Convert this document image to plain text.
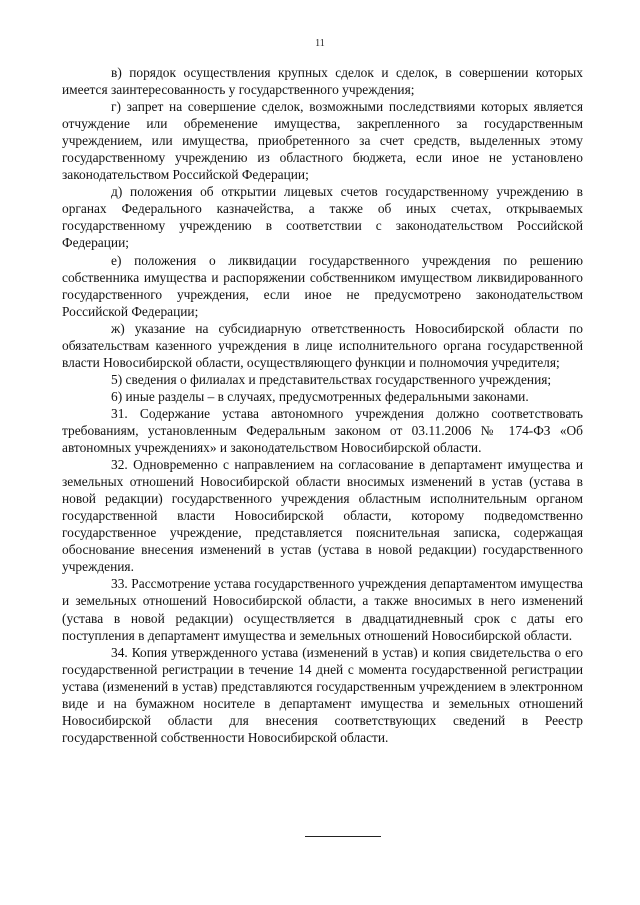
11

в) порядок осуществления крупных сделок и сделок, в совершении которых имеется заинтересованность у государственного учреждения;

г) запрет на совершение сделок, возможными последствиями которых является отчуждение или обременение имущества, закрепленного за государственным учреждением, или имущества, приобретенного за счет средств, выделенных этому государственному учреждению из областного бюджета, если иное не установлено законодательством Российской Федерации;

д) положения об открытии лицевых счетов государственному учреждению в органах Федерального казначейства, а также об иных счетах, открываемых государственному учреждению в соответствии с законодательством Российской Федерации;

е) положения о ликвидации государственного учреждения по решению собственника имущества и распоряжении собственником имуществом ликвидированного государственного учреждения, если иное не предусмотрено законодательством Российской Федерации;

ж) указание на субсидиарную ответственность Новосибирской области по обязательствам казенного учреждения в лице исполнительного органа государственной власти Новосибирской области, осуществляющего функции и полномочия учредителя;

5) сведения о филиалах и представительствах государственного учреждения;

6) иные разделы – в случаях, предусмотренных федеральными законами.

31. Содержание устава автономного учреждения должно соответствовать требованиям, установленным Федеральным законом от 03.11.2006 № 174-ФЗ «Об автономных учреждениях» и законодательством Новосибирской области.

32. Одновременно с направлением на согласование в департамент имущества и земельных отношений Новосибирской области вносимых изменений в устав (устава в новой редакции) государственного учреждения областным исполнительным органом государственной власти Новосибирской области, которому подведомственно государственное учреждение, представляется пояснительная записка, содержащая обоснование внесения изменений в устав (устава в новой редакции) государственного учреждения.

33. Рассмотрение устава государственного учреждения департаментом имущества и земельных отношений Новосибирской области, а также вносимых в него изменений (устава в новой редакции) осуществляется в двадцатидневный срок с даты его поступления в департамент имущества и земельных отношений Новосибирской области.

34. Копия утвержденного устава (изменений в устав) и копия свидетельства о его государственной регистрации в течение 14 дней с момента государственной регистрации устава (изменений в устав) представляются государственным учреждением в электронном виде и на бумажном носителе в департамент имущества и земельных отношений Новосибирской области для внесения соответствующих сведений в Реестр государственной собственности Новосибирской области.
